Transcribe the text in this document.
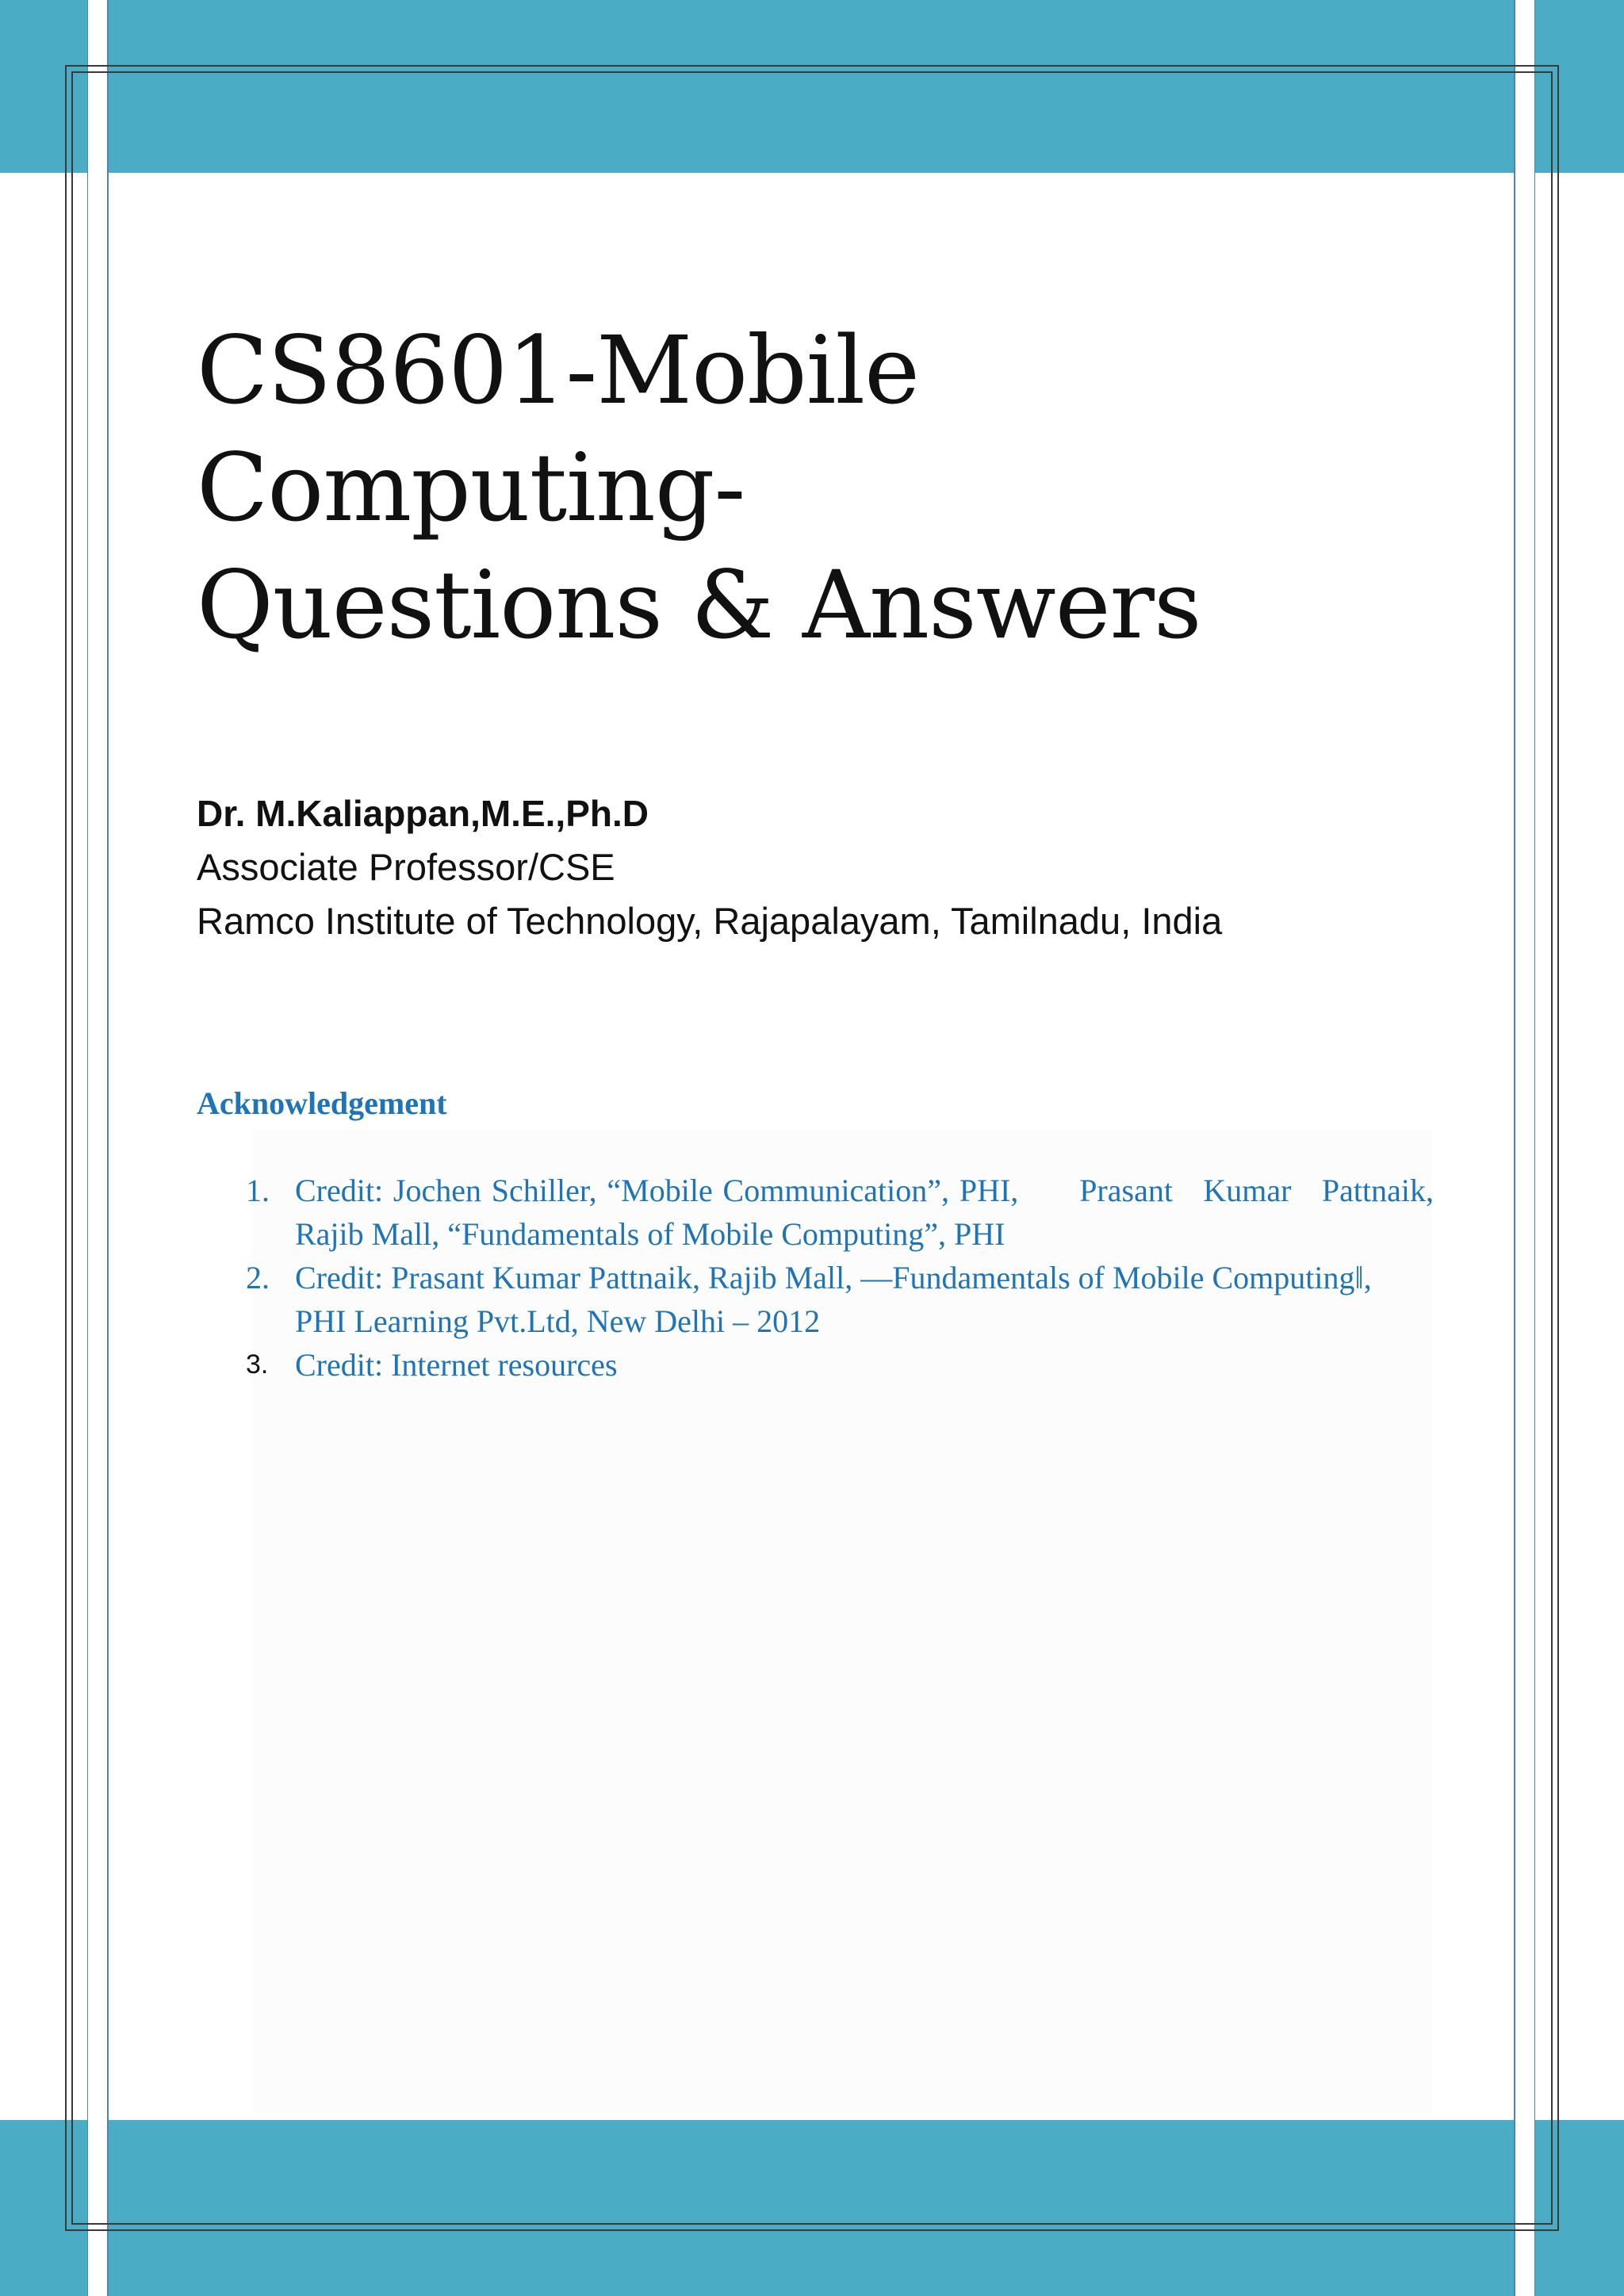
CS8601-Mobile Computing-
Questions & Answers
Dr. M.Kaliappan,M.E.,Ph.D
Associate Professor/CSE
Ramco Institute of Technology, Rajapalayam, Tamilnadu, India
Acknowledgement
1. Credit: Jochen Schiller, “Mobile Communication”, PHI,      Prasant   Kumar   Pattnaik,
Rajib Mall, “Fundamentals of Mobile Computing”, PHI
2. Credit: Prasant Kumar Pattnaik, Rajib Mall, ―Fundamentals of Mobile Computing‖,
PHI Learning Pvt.Ltd, New Delhi – 2012
3. Credit: Internet resources
